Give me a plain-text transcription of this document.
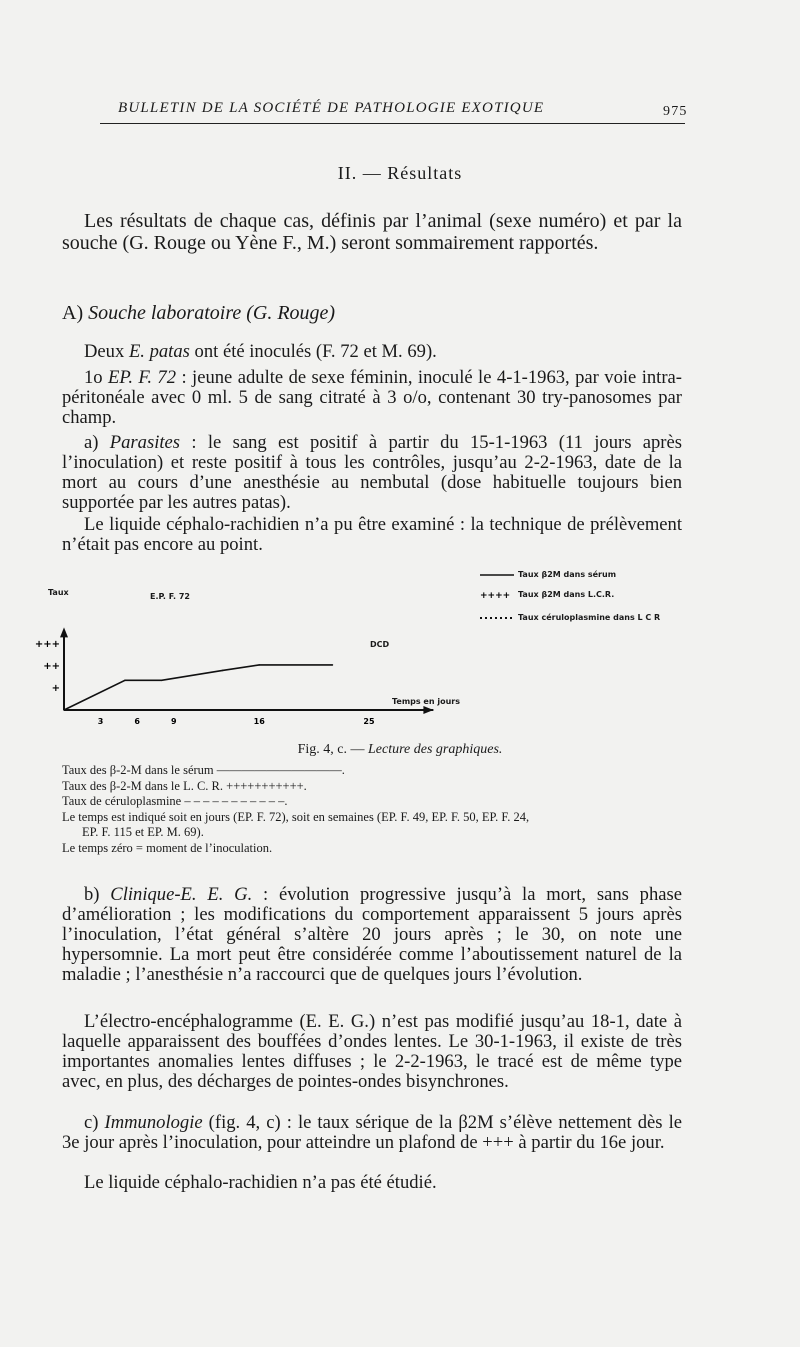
BULLETIN DE LA SOCIÉTÉ DE PATHOLOGIE EXOTIQUE	975
II. — Résultats

Les résultats de chaque cas, définis par l’animal (sexe numéro) et par la souche (G. Rouge ou Yène F., M.) seront sommairement rapportés.

A) Souche laboratoire (G. Rouge)

Deux E. patas ont été inoculés (F. 72 et M. 69).

1o EP. F. 72 : jeune adulte de sexe féminin, inoculé le 4-1-1963, par voie intra-péritonéale avec 0 ml. 5 de sang citraté à 3 o/o, contenant 30 try-panosomes par champ.

a) Parasites : le sang est positif à partir du 15-1-1963 (11 jours après l’inoculation) et reste positif à tous les contrôles, jusqu’au 2-2-1963, date de la mort au cours d’une anesthésie au nembutal (dose habituelle toujours bien supportée par les autres patas).

Le liquide céphalo-rachidien n’a pu être examiné : la technique de prélèvement n’était pas encore au point.

+
++
+++
3	6	9	16	25
++++
Taux	E.P. F. 72
DCD
Temps en jours
Taux β2M dans sérum
Taux β2M dans L.C.R.
Taux céruloplasmine dans L C R
Fig. 4, c. — Lecture des graphiques.
Taux des β-2-M dans le sérum ——————————.
Taux des β-2-M dans le L. C. R. +++++++++++.
Taux de céruloplasmine – – – – – – – – – – –.
Le temps est indiqué soit en jours (EP. F. 72), soit en semaines (EP. F. 49, EP. F. 50, EP. F. 24,
EP. F. 115 et EP. M. 69).
Le temps zéro = moment de l’inoculation.

b) Clinique-E. E. G. : évolution progressive jusqu’à la mort, sans phase d’amélioration ; les modifications du comportement apparaissent 5 jours après l’inoculation, l’état général s’altère 20 jours après ; le 30, on note une hypersomnie. La mort peut être considérée comme l’aboutissement naturel de la maladie ; l’anesthésie n’a raccourci que de quelques jours l’évolution.

L’électro-encéphalogramme (E. E. G.) n’est pas modifié jusqu’au 18-1, date à laquelle apparaissent des bouffées d’ondes lentes. Le 30-1-1963, il existe de très importantes anomalies lentes diffuses ; le 2-2-1963, le tracé est de même type avec, en plus, des décharges de pointes-ondes bisynchrones.

c) Immunologie (fig. 4, c) : le taux sérique de la β2M s’élève nettement dès le 3e jour après l’inoculation, pour atteindre un plafond de +++ à partir du 16e jour.

Le liquide céphalo-rachidien n’a pas été étudié.
